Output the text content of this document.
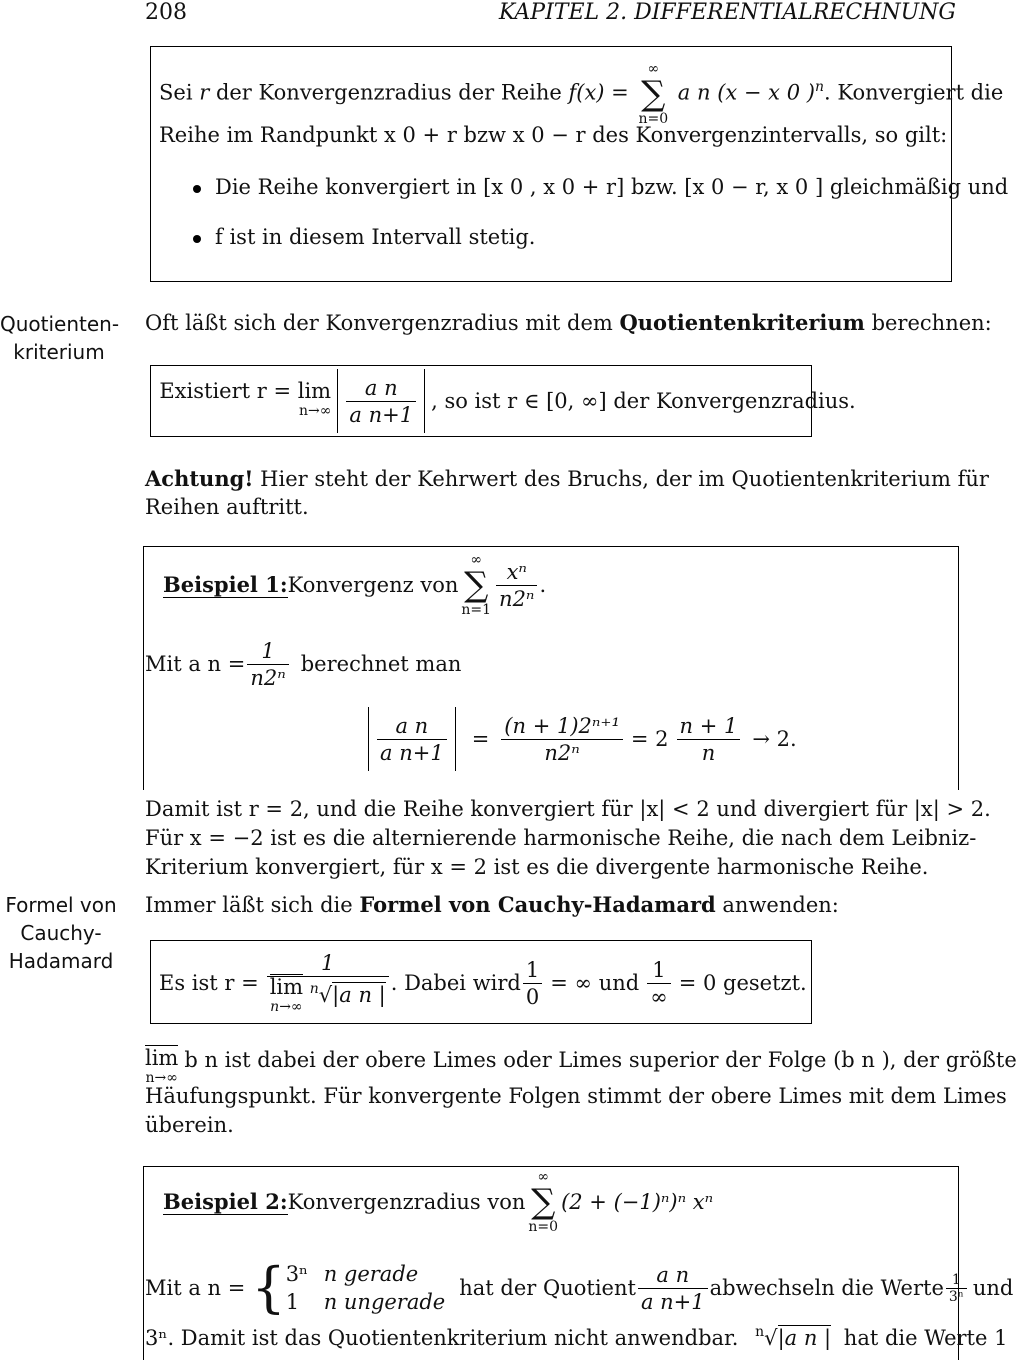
208	KAPITEL 2. DIFFERENTIALRECHNUNG
Sei r der Konvergenzradius der Reihe f(x) =
∞
∑
n=0
a n (x − x 0 )$^n$. Konvergiert die
Reihe im Randpunkt x 0 + r bzw x 0 − r des Konvergenzintervalls, so gilt:
Die Reihe konvergiert in [x 0 , x 0 + r] bzw. [x 0 − r, x 0 ] gleichmäßig und
f ist in diesem Intervall stetig.
Quotienten-
kriterium
Oft läßt sich der Konvergenzradius mit dem Quotientenkriterium berechnen:
Existiert r = lim
$n\to\infty \frac{\text{a n}}{\text{a n+1}}$ , so ist r ∈ [0, ∞] der Konvergenzradius.
Achtung! Hier steht der Kehrwert des Bruchs, der im Quotientenkriterium für
Reihen auftritt.
Beispiel 1: Konvergenz von
∞
∑
$n=1 \frac{\text{xⁿ}}{\text{n2ⁿ}}$ .
Mit a $n = \frac{1}{\text{n2ⁿ}}$ berechnet man
$\frac{\text{a n}}{\text{a n+1}} = \frac{\text{(n + 1)2ⁿ⁺¹}}{\text{n2ⁿ}} = 2 \frac{n + 1}{n} \to 2$.
Damit ist r = 2, und die Reihe konvergiert für |x| < 2 und divergiert für |x| > 2.
Für x = −2 ist es die alternierende harmonische Reihe, die nach dem Leibniz-
Kriterium konvergiert, für x = 2 ist es die divergente harmonische Reihe.
Formel von
Cauchy-
Hadamard
Immer läßt sich die Formel von Cauchy-Hadamard anwenden:
Es ist r = 1
lim
n→∞
$^n$√|a n | . Dabei wird $\frac{1}{0}$ = ∞ und $\frac{1}{\infty} = 0$ gesetzt.
lim
n→∞
b n ist dabei der obere Limes oder Limes superior der Folge (b n ), der größte
Häufungspunkt. Für konvergente Folgen stimmt der obere Limes mit dem Limes
überein.
Beispiel 2: Konvergenzradius von
∞
∑
n=0
(2 + (−1)ⁿ)ⁿ xⁿ
Mit a n = { 3ⁿ n gerade
1 n ungerade
hat der Quotient $\frac{\text{a n}}{\text{a n+1}}$ abwechseln die Werte $\frac{1}{\text{3ⁿ}}$ und
3ⁿ. Damit ist das Quotientenkriterium nicht anwendbar. $^n$√|a n | hat die Werte 1
